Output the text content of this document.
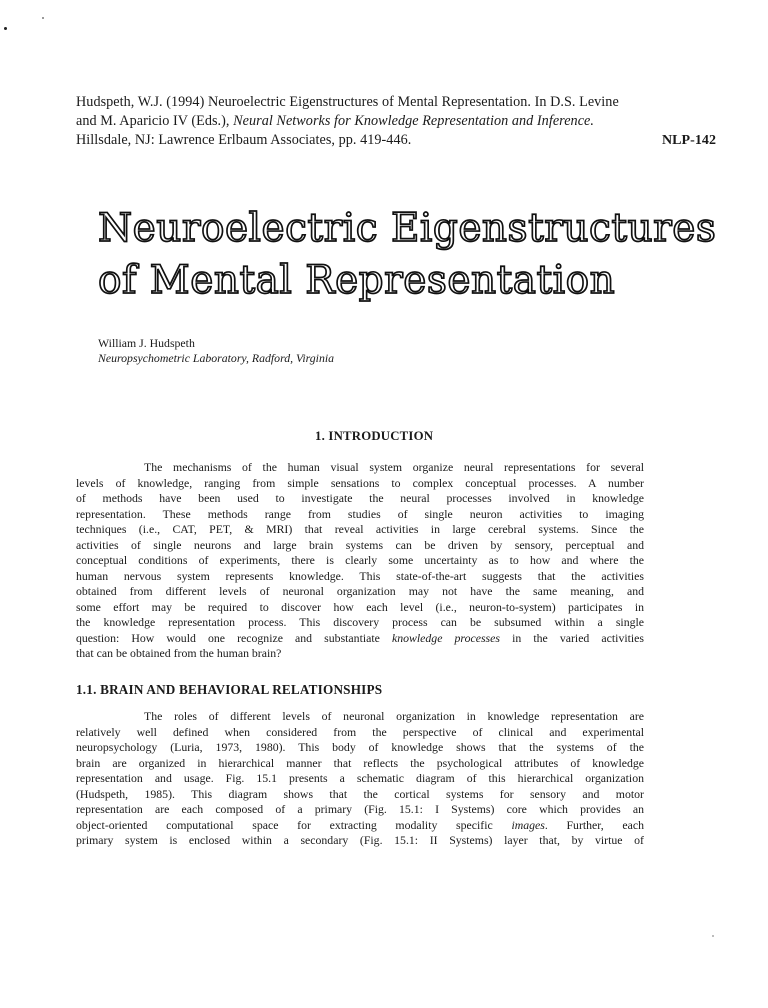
Hudspeth, W.J. (1994) Neuroelectric Eigenstructures of Mental Representation. In D.S. Levine
and M. Aparicio IV (Eds.), Neural Networks for Knowledge Representation and Inference.
Hillsdale, NJ: Lawrence Erlbaum Associates, pp. 419-446.	NLP-142
Neuroelectric Eigenstructures
of Mental Representation
William J. Hudspeth
Neuropsychometric Laboratory, Radford, Virginia
1. INTRODUCTION
The mechanisms of the human visual system organize neural representations for several
levels of knowledge, ranging from simple sensations to complex conceptual processes. A number
of methods have been used to investigate the neural processes involved in knowledge
representation. These methods range from studies of single neuron activities to imaging
techniques (i.e., CAT, PET, & MRI) that reveal activities in large cerebral systems. Since the
activities of single neurons and large brain systems can be driven by sensory, perceptual and
conceptual conditions of experiments, there is clearly some uncertainty as to how and where the
human nervous system represents knowledge. This state-of-the-art suggests that the activities
obtained from different levels of neuronal organization may not have the same meaning, and
some effort may be required to discover how each level (i.e., neuron-to-system) participates in
the knowledge representation process. This discovery process can be subsumed within a single
question: How would one recognize and substantiate knowledge processes in the varied activities
that can be obtained from the human brain?
1.1. BRAIN AND BEHAVIORAL RELATIONSHIPS
The roles of different levels of neuronal organization in knowledge representation are
relatively well defined when considered from the perspective of clinical and experimental
neuropsychology (Luria, 1973, 1980). This body of knowledge shows that the systems of the
brain are organized in hierarchical manner that reflects the psychological attributes of knowledge
representation and usage. Fig. 15.1 presents a schematic diagram of this hierarchical organization
(Hudspeth, 1985). This diagram shows that the cortical systems for sensory and motor
representation are each composed of a primary (Fig. 15.1: I Systems) core which provides an
object-oriented computational space for extracting modality specific images. Further, each
primary system is enclosed within a secondary (Fig. 15.1: II Systems) layer that, by virtue of
